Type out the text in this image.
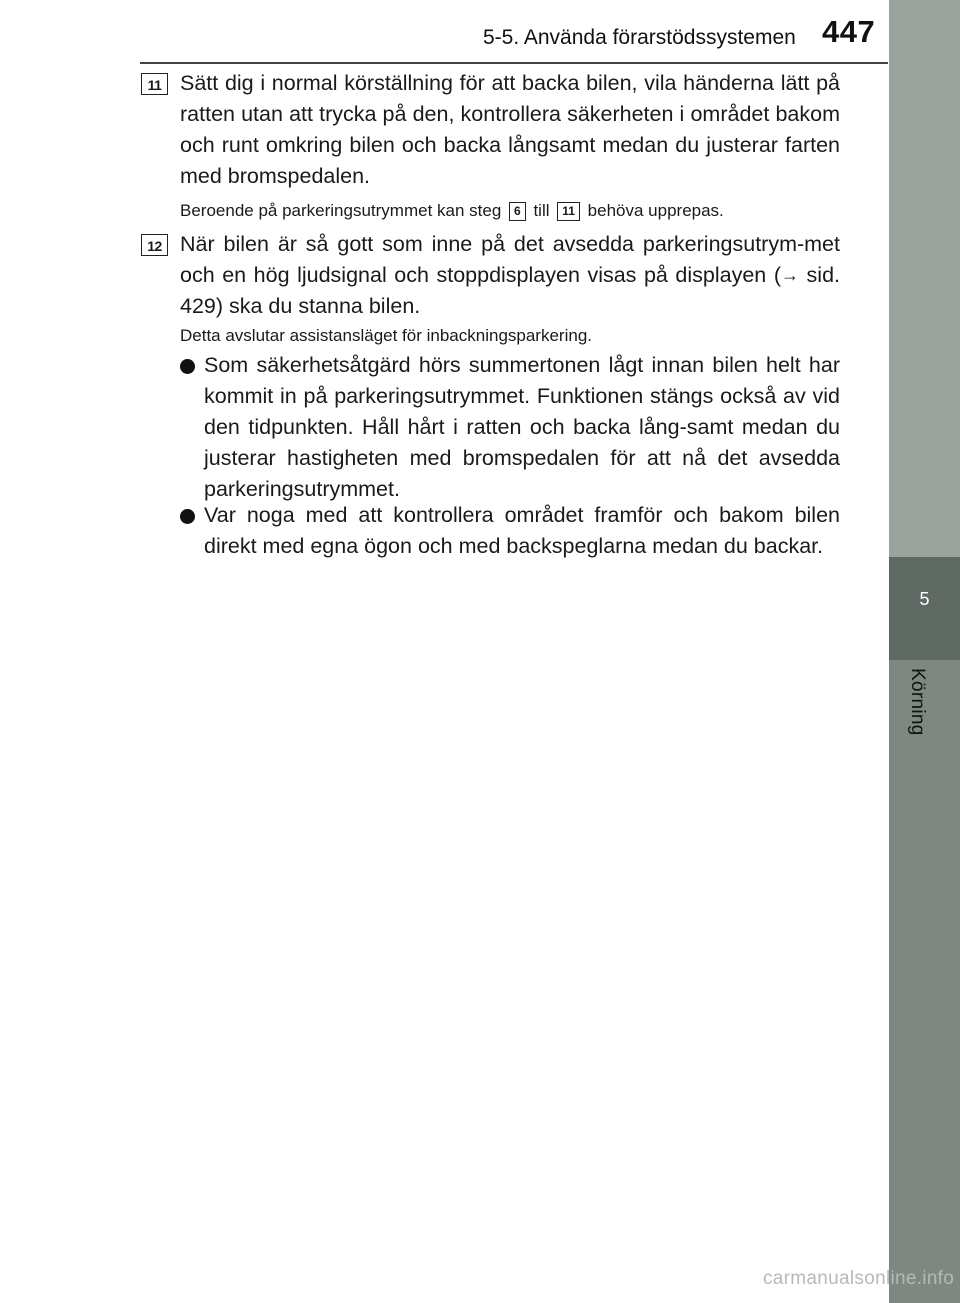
5-5. Använda förarstödssystemen 447
5
Körning
11 Sätt dig i normal körställning för att backa bilen, vila händerna lätt på ratten utan att trycka på den, kontrollera säkerheten i området bakom och runt omkring bilen och backa långsamt medan du justerar farten med bromspedalen.
Beroende på parkeringsutrymmet kan steg 6 till 11 behöva upprepas.
12 När bilen är så gott som inne på det avsedda parkeringsutrym-met och en hög ljudsignal och stoppdisplayen visas på displayen (→ sid. 429) ska du stanna bilen.
Detta avslutar assistansläget för inbackningsparkering.
Som säkerhetsåtgärd hörs summertonen lågt innan bilen helt har kommit in på parkeringsutrymmet. Funktionen stängs också av vid den tidpunkten. Håll hårt i ratten och backa lång-samt medan du justerar hastigheten med bromspedalen för att nå det avsedda parkeringsutrymmet.
Var noga med att kontrollera området framför och bakom bilen direkt med egna ögon och med backspeglarna medan du backar.
carmanualsonline.info
